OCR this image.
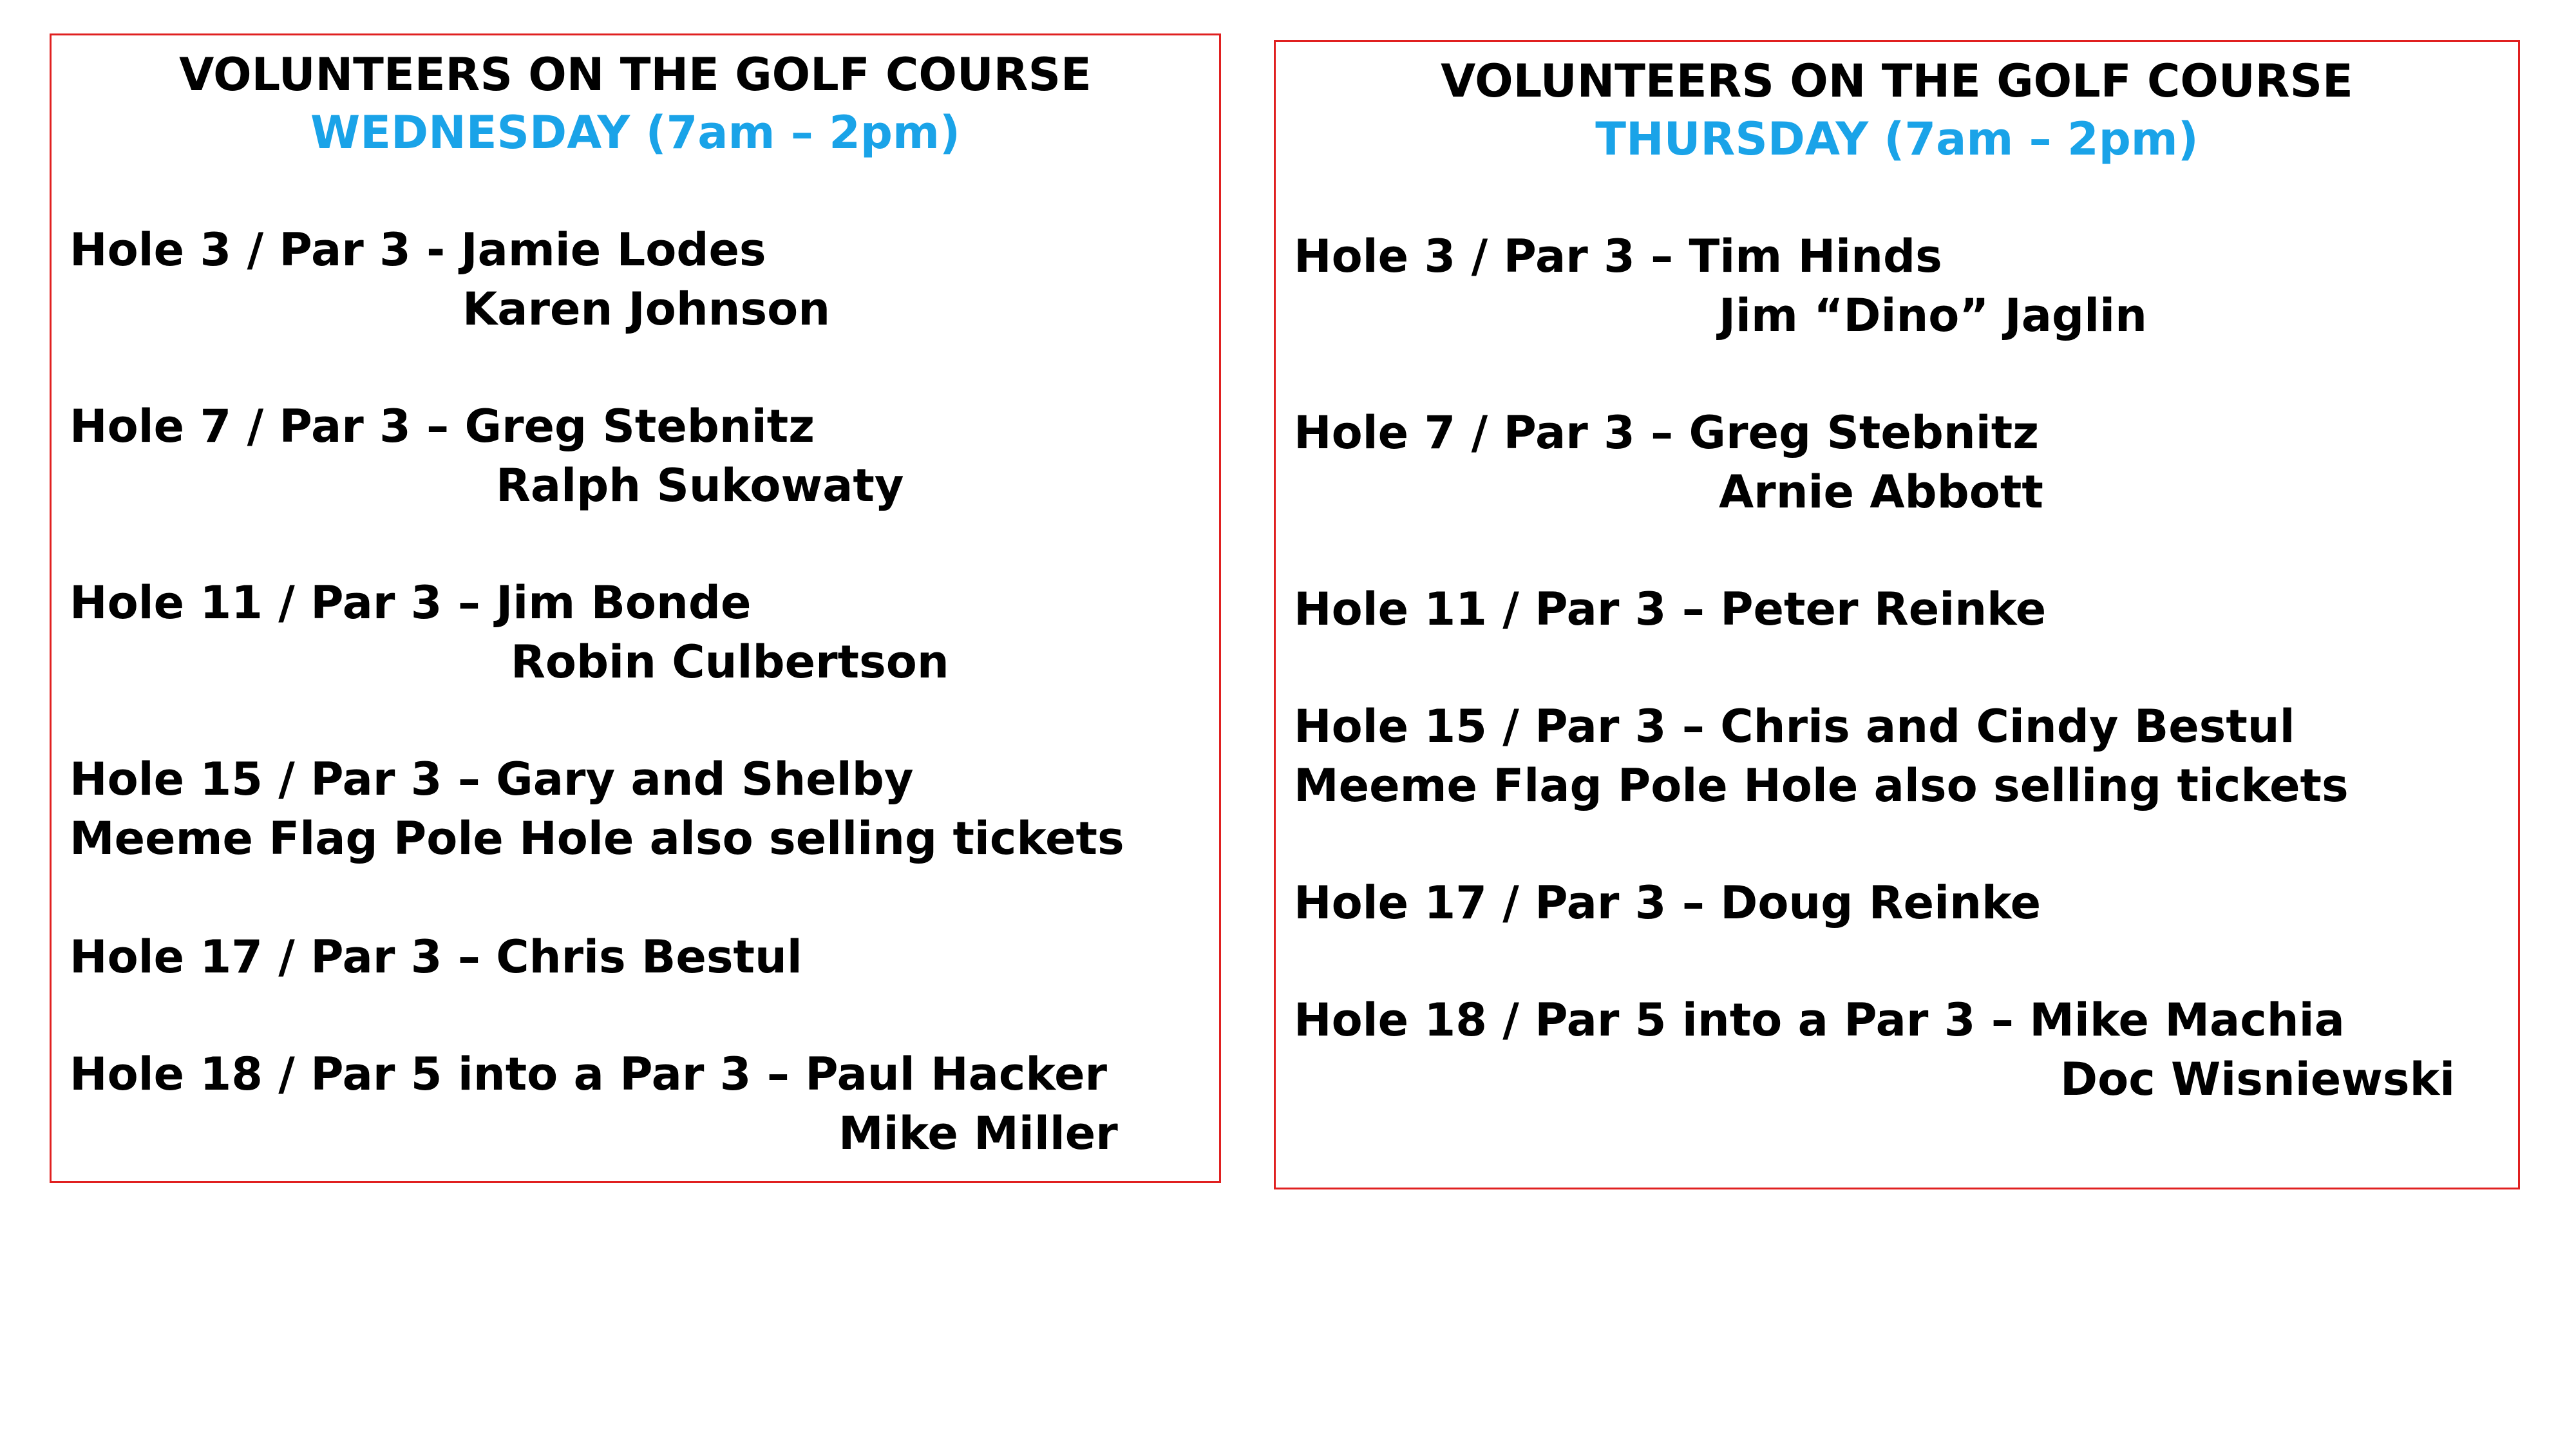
VOLUNTEERS ON THE GOLF COURSE
WEDNESDAY (7am – 2pm)
Hole 3 / Par 3 - Jamie Lodes
Karen Johnson
Hole 7 / Par 3 – Greg Stebnitz
Ralph Sukowaty
Hole 11 / Par 3 – Jim Bonde
Robin Culbertson
Hole 15 / Par 3 – Gary and Shelby
Meeme Flag Pole Hole also selling tickets
Hole 17 / Par 3 – Chris Bestul
Hole 18 / Par 5 into a Par 3 – Paul Hacker
Mike Miller
VOLUNTEERS ON THE GOLF COURSE
THURSDAY (7am – 2pm)
Hole 3 / Par 3 – Tim Hinds
Jim “Dino” Jaglin
Hole 7 / Par 3 – Greg Stebnitz
Arnie Abbott
Hole 11 / Par 3 – Peter Reinke
Hole 15 / Par 3 – Chris and Cindy Bestul
Meeme Flag Pole Hole also selling tickets
Hole 17 / Par 3 – Doug Reinke
Hole 18 / Par 5 into a Par 3 – Mike Machia
Doc Wisniewski
